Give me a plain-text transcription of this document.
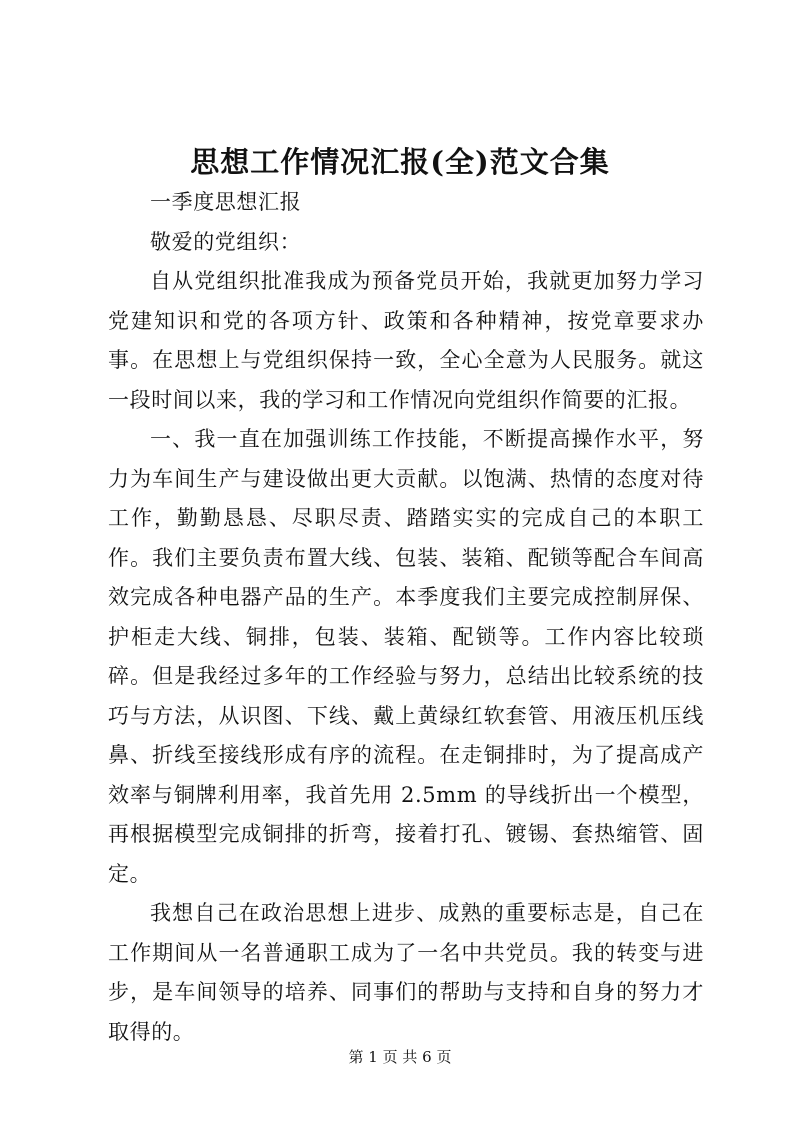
思想工作情况汇报(全)范文合集

一季度思想汇报

敬爱的党组织：

自从党组织批准我成为预备党员开始，我就更加努力学习党建知识和党的各项方针、政策和各种精神，按党章要求办事。在思想上与党组织保持一致，全心全意为人民服务。就这一段时间以来，我的学习和工作情况向党组织作简要的汇报。

一、我一直在加强训练工作技能，不断提高操作水平，努力为车间生产与建设做出更大贡献。以饱满、热情的态度对待工作，勤勤恳恳、尽职尽责、踏踏实实的完成自己的本职工作。我们主要负责布置大线、包装、装箱、配锁等配合车间高效完成各种电器产品的生产。本季度我们主要完成控制屏保、护柜走大线、铜排，包装、装箱、配锁等。工作内容比较琐碎。但是我经过多年的工作经验与努力，总结出比较系统的技巧与方法，从识图、下线、戴上黄绿红软套管、用液压机压线鼻、折线至接线形成有序的流程。在走铜排时，为了提高成产效率与铜牌利用率，我首先用 2.5mm 的导线折出一个模型，再根据模型完成铜排的折弯，接着打孔、镀锡、套热缩管、固定。

我想自己在政治思想上进步、成熟的重要标志是，自己在工作期间从一名普通职工成为了一名中共党员。我的转变与进步，是车间领导的培养、同事们的帮助与支持和自身的努力才取得的。

第 1 页 共 6 页
